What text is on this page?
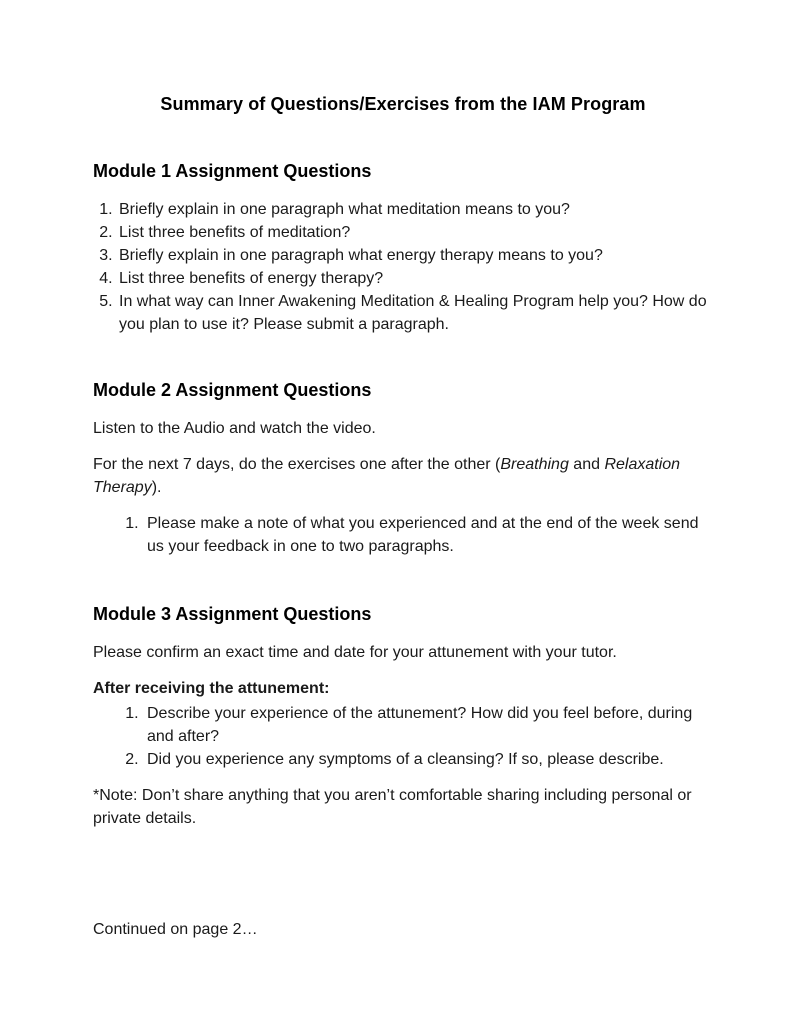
Summary of Questions/Exercises from the IAM Program
Module 1 Assignment Questions
1. Briefly explain in one paragraph what meditation means to you?
2. List three benefits of meditation?
3. Briefly explain in one paragraph what energy therapy means to you?
4. List three benefits of energy therapy?
5. In what way can Inner Awakening Meditation & Healing Program help you? How do you plan to use it? Please submit a paragraph.
Module 2 Assignment Questions

Listen to the Audio and watch the video.

For the next 7 days, do the exercises one after the other (Breathing and Relaxation Therapy).

1. Please make a note of what you experienced and at the end of the week send us your feedback in one to two paragraphs.
Module 3 Assignment Questions

Please confirm an exact time and date for your attunement with your tutor.

After receiving the attunement:

1. Describe your experience of the attunement? How did you feel before, during and after?
2. Did you experience any symptoms of a cleansing? If so, please describe.

*Note: Don’t share anything that you aren’t comfortable sharing including personal or private details.

Continued on page 2…
